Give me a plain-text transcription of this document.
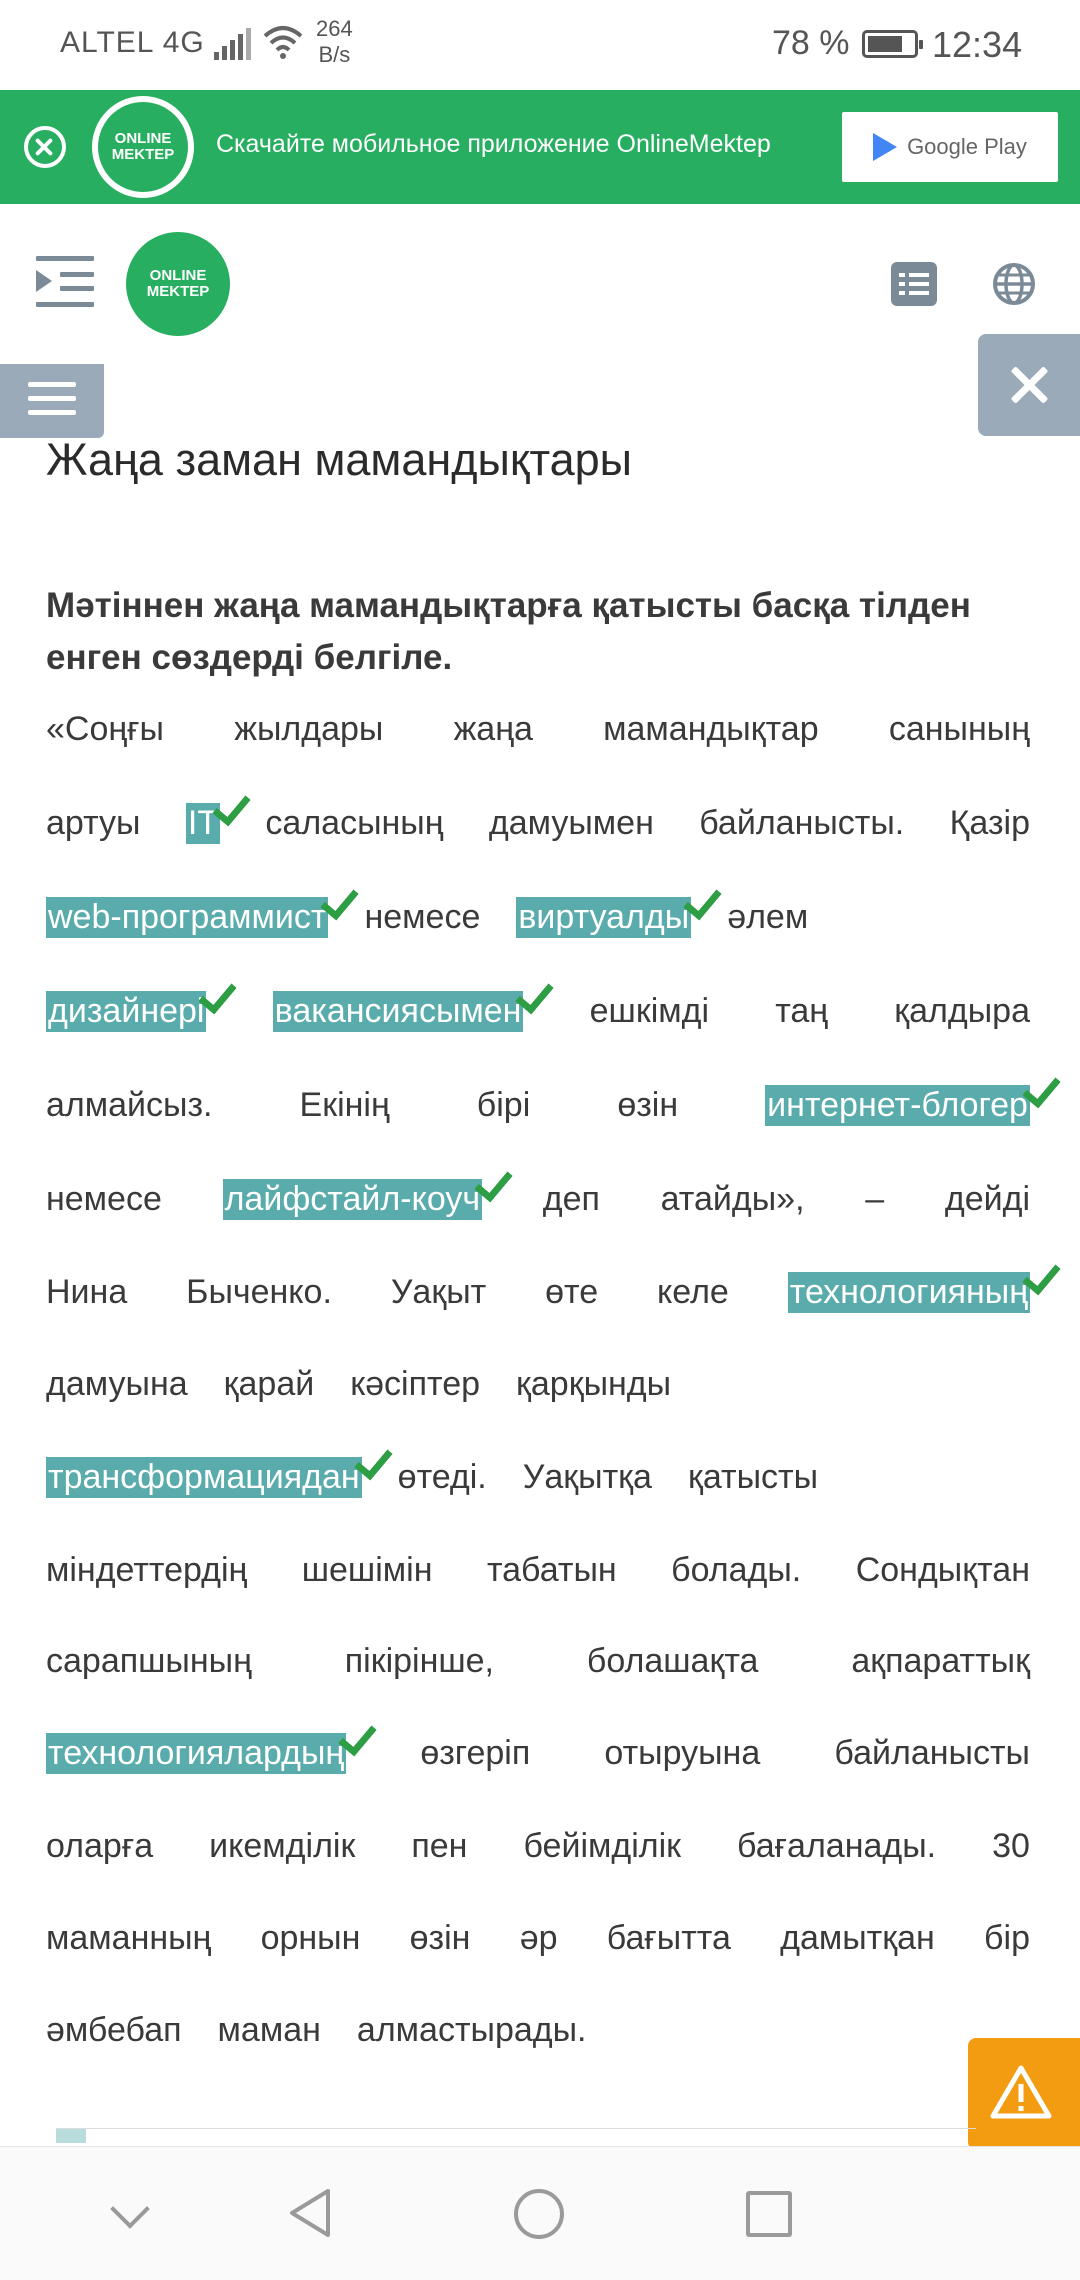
ALTEL 4G	264
B/s	78 % 12:34
ONLINE
MEKTEP Скачайте мобильное приложение OnlineMektep	Google Play
ONLINE
MEKTEP
Жаңа заман мамандықтары

Мәтіннен жаңа мамандықтарға қатысты басқа тілден енген сөздерді белгіле.

«Соңғы жылдары жаңа мамандықтар санының
артуы IT саласының дамуымен байланысты. Қазір
web-программист немесе виртуалды әлем
дизайнері вакансиясымен ешкімді таң қалдыра
алмайсыз.	Екінің	бірі	өзін	интернет-блогер
немесе лайфстайл-коуч деп атайды», – дейді
Нина Быченко. Уақыт өте келе технологияның
дамуына қарай кәсіптер қарқынды
трансформациядан өтеді. Уақытқа қатысты
міндеттердің шешімін табатын болады. Сондықтан
сарапшының	пікірінше,	болашақта	ақпараттық
технологиялардың өзгеріп отыруына байланысты
оларға икемділік пен бейімділік бағаланады. 30
маманның орнын өзін әр бағытта дамытқан бір
әмбебап маман алмастырады.
